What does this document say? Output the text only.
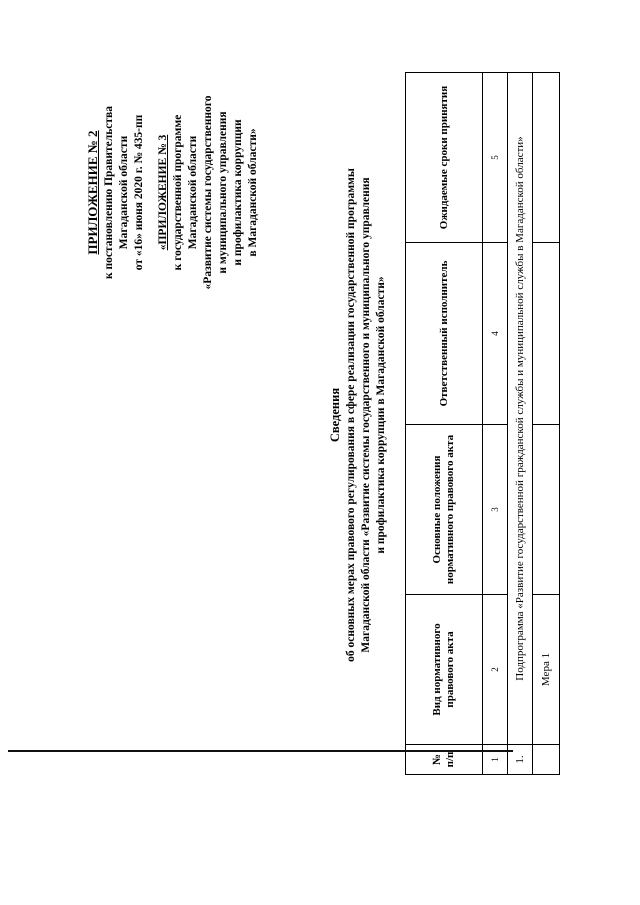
ПРИЛОЖЕНИЕ № 2 к постановлению Правительства Магаданской области от «16» июня 2020 г. № 435-пп «ПРИЛОЖЕНИЕ № 3 к государственной программе Магаданской области «Развитие системы государственного и муниципального управления и профилактика коррупции в Магаданской области»
Сведения об основных мерах правового регулирования в сфере реализации государственной программы Магаданской области «Развитие системы государственного и муниципального управления и профилактика коррупции в Магаданской области»
№ п/п	Вид нормативного правового акта	Основные положения нормативного правового акта	Ответственный исполнитель	Ожидаемые сроки принятия
1	2	3	4	5
1.	Подпрограмма «Развитие государственной гражданской службы и муниципальной службы в Магаданской области»			
	Мера 1			
